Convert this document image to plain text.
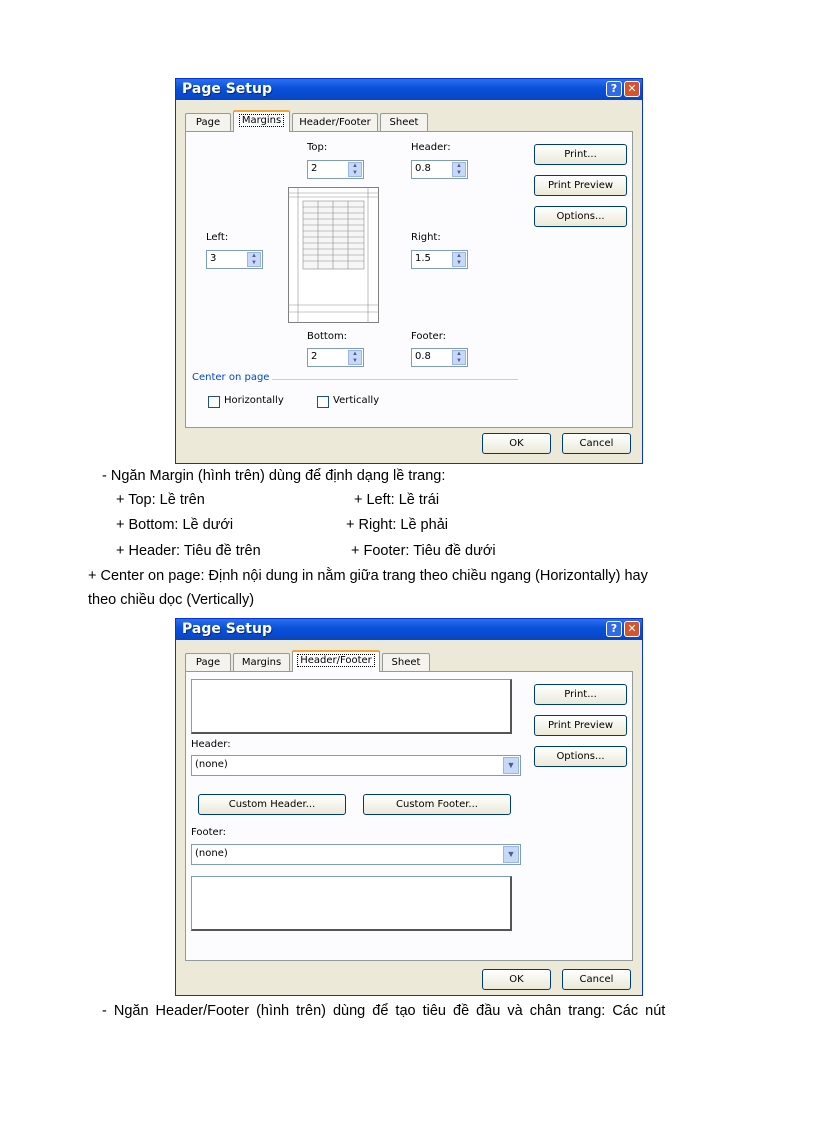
Page Setup	? ✕
Page	Margins	Header/Footer	Sheet
Top:
2	▲
▼
Header:
0.8	▲
▼
Left:
3	▲
▼
Right:
1.5	▲
▼
Bottom:
2	▲
▼
Footer:
0.8	▲
▼
Print...
Print Preview
Options...
Center on page
Horizontally	Vertically
OK	Cancel
- Ngăn Margin (hình trên) dùng để định dạng lề trang:
+ Top: Lề trên	+ Left: Lề trái
+ Bottom: Lề dưới	+ Right: Lề phải
+ Header: Tiêu đề trên	+ Footer: Tiêu đề dưới
+ Center on page: Định nội dung in nằm giữa trang theo chiều ngang (Horizontally) hay
theo chiều dọc (Vertically)
Page Setup	? ✕
Page	Margins	Header/Footer	Sheet
Header:
(none)	▼
Custom Header...	Custom Footer...
Footer:
(none)	▼
Print...
Print Preview
Options...
OK	Cancel
- Ngăn Header/Footer (hình trên) dùng để tạo tiêu đề đầu và chân trang: Các nút
